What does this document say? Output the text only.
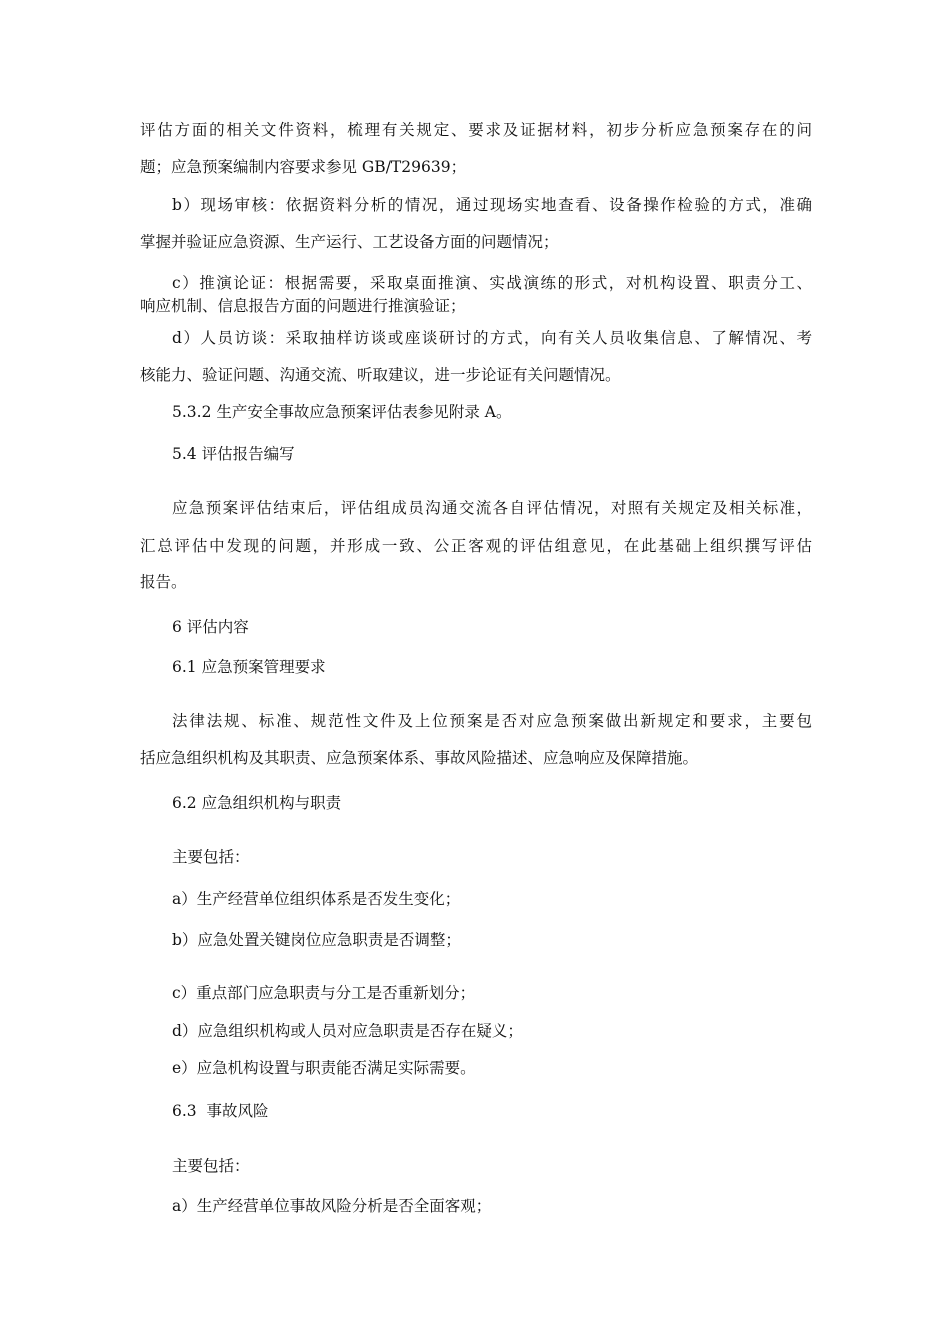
评估方面的相关文件资料，梳理有关规定、要求及证据材料，初步分析应急预案存在的问

题；应急预案编制内容要求参见 GB/T29639；

b）现场审核：依据资料分析的情况，通过现场实地查看、设备操作检验的方式，准确

掌握并验证应急资源、生产运行、工艺设备方面的问题情况；

c）推演论证：根据需要，采取桌面推演、实战演练的形式，对机构设置、职责分工、

响应机制、信息报告方面的问题进行推演验证；

d）人员访谈：采取抽样访谈或座谈研讨的方式，向有关人员收集信息、了解情况、考

核能力、验证问题、沟通交流、听取建议，进一步论证有关问题情况。

5.3.2 生产安全事故应急预案评估表参见附录 A。

5.4 评估报告编写

应急预案评估结束后，评估组成员沟通交流各自评估情况，对照有关规定及相关标准，

汇总评估中发现的问题，并形成一致、公正客观的评估组意见，在此基础上组织撰写评估

报告。

6 评估内容

6.1 应急预案管理要求

法律法规、标准、规范性文件及上位预案是否对应急预案做出新规定和要求，主要包

括应急组织机构及其职责、应急预案体系、事故风险描述、应急响应及保障措施。

6.2 应急组织机构与职责

主要包括：

a）生产经营单位组织体系是否发生变化；

b）应急处置关键岗位应急职责是否调整；

c）重点部门应急职责与分工是否重新划分；

d）应急组织机构或人员对应急职责是否存在疑义；

e）应急机构设置与职责能否满足实际需要。

6.3  事故风险

主要包括：

a）生产经营单位事故风险分析是否全面客观；
